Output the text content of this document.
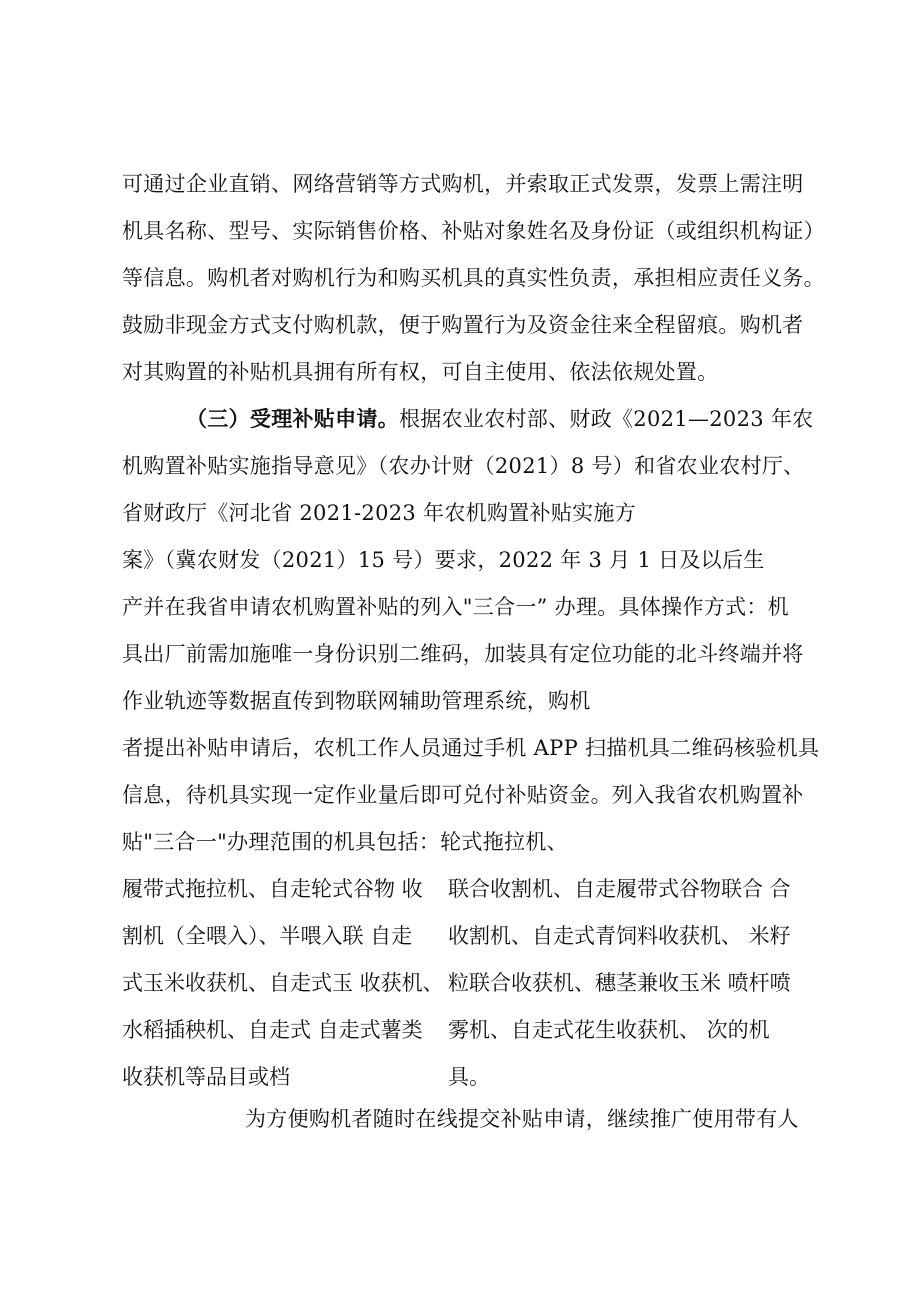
可通过企业直销、网络营销等方式购机，并索取正式发票，发票上需注明

机具名称、型号、实际销售价格、补贴对象姓名及身份证（或组织机构证）

等信息。购机者对购机行为和购买机具的真实性负责，承担相应责任义务。

鼓励非现金方式支付购机款，便于购置行为及资金往来全程留痕。购机者

对其购置的补贴机具拥有所有权，可自主使用、依法依规处置。

（三）受理补贴申请。根据农业农村部、财政《2021—2023 年农

机购置补贴实施指导意见》（农办计财（2021）8 号）和省农业农村厅、

省财政厅《河北省 2021-2023 年农机购置补贴实施方

案》（冀农财发（2021）15 号）要求，2022 年 3 月 1 日及以后生

产并在我省申请农机购置补贴的列入"三合一” 办理。具体操作方式：机

具出厂前需加施唯一身份识别二维码，加装具有定位功能的北斗终端并将

作业轨迹等数据直传到物联网辅助管理系统，购机

者提出补贴申请后，农机工作人员通过手机 APP 扫描机具二维码核验机具

信息，待机具实现一定作业量后即可兑付补贴资金。列入我省农机购置补

贴"三合一"办理范围的机具包括：轮式拖拉机、

履带式拖拉机、自走轮式谷物 收
割机（全喂入）、半喂入联 自走
式玉米收获机、自走式玉 收获机、
水稻插秧机、自走式 自走式薯类
收获机等品目或档
联合收割机、自走履带式谷物联合 合
收割机、自走式青饲料收获机、 米籽
粒联合收获机、穗茎兼收玉米 喷杆喷
雾机、自走式花生收获机、 次的机
具。

为方便购机者随时在线提交补贴申请，继续推广使用带有人
